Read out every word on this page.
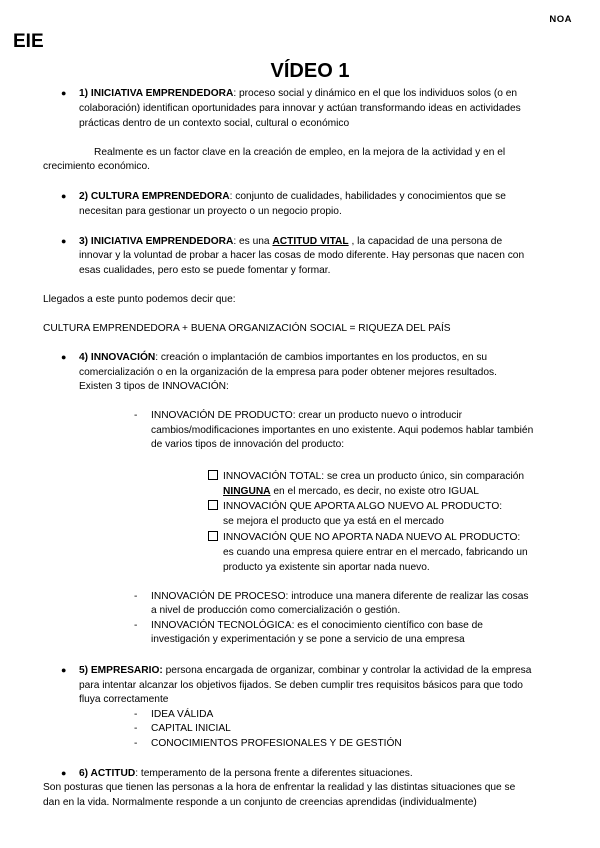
NOA
EIE
VÍDEO 1
● 1) INICIATIVA EMPRENDEDORA: proceso social y dinámico en el que los individuos solos (o en
colaboración) identifican oportunidades para innovar y actúan transformando ideas en actividades
prácticas dentro de un contexto social, cultural o económico
Realmente es un factor clave en la creación de empleo, en la mejora de la actividad y en el
crecimiento económico.
● 2) CULTURA EMPRENDEDORA: conjunto de cualidades, habilidades y conocimientos que se
necesitan para gestionar un proyecto o un negocio propio.
● 3) INICIATIVA EMPRENDEDORA: es una ACTITUD VITAL , la capacidad de una persona de
innovar y la voluntad de probar a hacer las cosas de modo diferente. Hay personas que nacen con
esas cualidades, pero esto se puede fomentar y formar.
Llegados a este punto podemos decir que:
CULTURA EMPRENDEDORA + BUENA ORGANIZACIÓN SOCIAL = RIQUEZA DEL PAÍS
● 4) INNOVACIÓN: creación o implantación de cambios importantes en los productos, en su
comercialización o en la organización de la empresa para poder obtener mejores resultados.
Existen 3 tipos de INNOVACIÓN:
- INNOVACIÓN DE PRODUCTO: crear un producto nuevo o introducir
cambios/modificaciones importantes en uno existente. Aqui podemos hablar también
de varios tipos de innovación del producto:
INNOVACIÓN TOTAL: se crea un producto único, sin comparación
NINGUNA en el mercado, es decir, no existe otro IGUAL
INNOVACIÓN QUE APORTA ALGO NUEVO AL PRODUCTO:
se mejora el producto que ya está en el mercado
INNOVACIÓN QUE NO APORTA NADA NUEVO AL PRODUCTO:
es cuando una empresa quiere entrar en el mercado, fabricando un
producto ya existente sin aportar nada nuevo.
- INNOVACIÓN DE PROCESO: introduce una manera diferente de realizar las cosas
a nivel de producción como comercialización o gestión.
- INNOVACIÓN TECNOLÓGICA: es el conocimiento científico con base de
investigación y experimentación y se pone a servicio de una empresa
● 5) EMPRESARIO: persona encargada de organizar, combinar y controlar la actividad de la empresa
para intentar alcanzar los objetivos fijados. Se deben cumplir tres requisitos básicos para que todo
fluya correctamente
- IDEA VÁLIDA
- CAPITAL INICIAL
- CONOCIMIENTOS PROFESIONALES Y DE GESTIÓN
● 6) ACTITUD: temperamento de la persona frente a diferentes situaciones.
Son posturas que tienen las personas a la hora de enfrentar la realidad y las distintas situaciones que se
dan en la vida. Normalmente responde a un conjunto de creencias aprendidas (individualmente)
